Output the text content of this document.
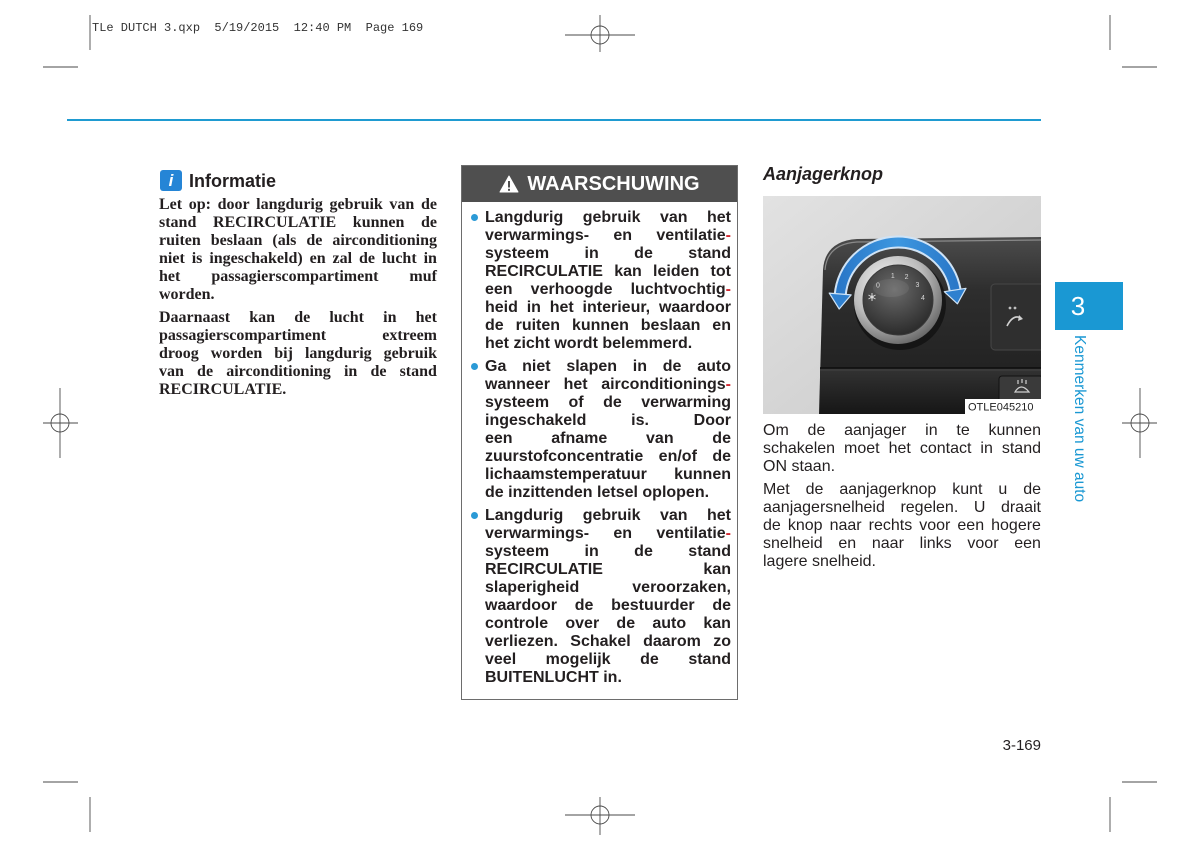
TLe DUTCH 3.qxp  5/19/2015  12:40 PM  Page 169
i Informatie
Let op: door langdurig gebruik van de
stand RECIRCULATIE kunnen de
ruiten beslaan (als de airconditioning
niet is ingeschakeld) en zal de lucht in
het passagierscompartiment muf
worden.
Daarnaast kan de lucht in het
passagierscompartiment	extreem
droog worden bij langdurig gebruik
van de airconditioning in de stand
RECIRCULATIE.
WAARSCHUWING
Langdurig gebruik van het
verwarmings- en ventilatie-
systeem in de stand
RECIRCULATIE kan leiden tot
een verhoogde luchtvochtig-
heid in het interieur, waardoor
de ruiten kunnen beslaan en
het zicht wordt belemmerd.
Ga niet slapen in de auto
wanneer het airconditionings-
systeem of de verwarming
ingeschakeld	is.	Door
een afname van de
zuurstofconcentratie en/of de
lichaamstemperatuur kunnen
de inzittenden letsel oplopen.
Langdurig gebruik van het
verwarmings- en ventilatie-
systeem in de stand
RECIRCULATIE	kan
slaperigheid	veroorzaken,
waardoor de bestuurder de
controle over de auto kan
verliezen. Schakel daarom zo
veel mogelijk de stand
BUITENLUCHT in.
Aanjagerknop
0
1 2
3
4
OTLE045210
Om de aanjager in te kunnen
schakelen moet het contact in stand
ON staan.
Met de aanjagerknop kunt u de
aanjagersnelheid regelen. U draait
de knop naar rechts voor een hogere
snelheid en naar links voor een
lagere snelheid.
3
Kenmerken van uw auto
3-169
